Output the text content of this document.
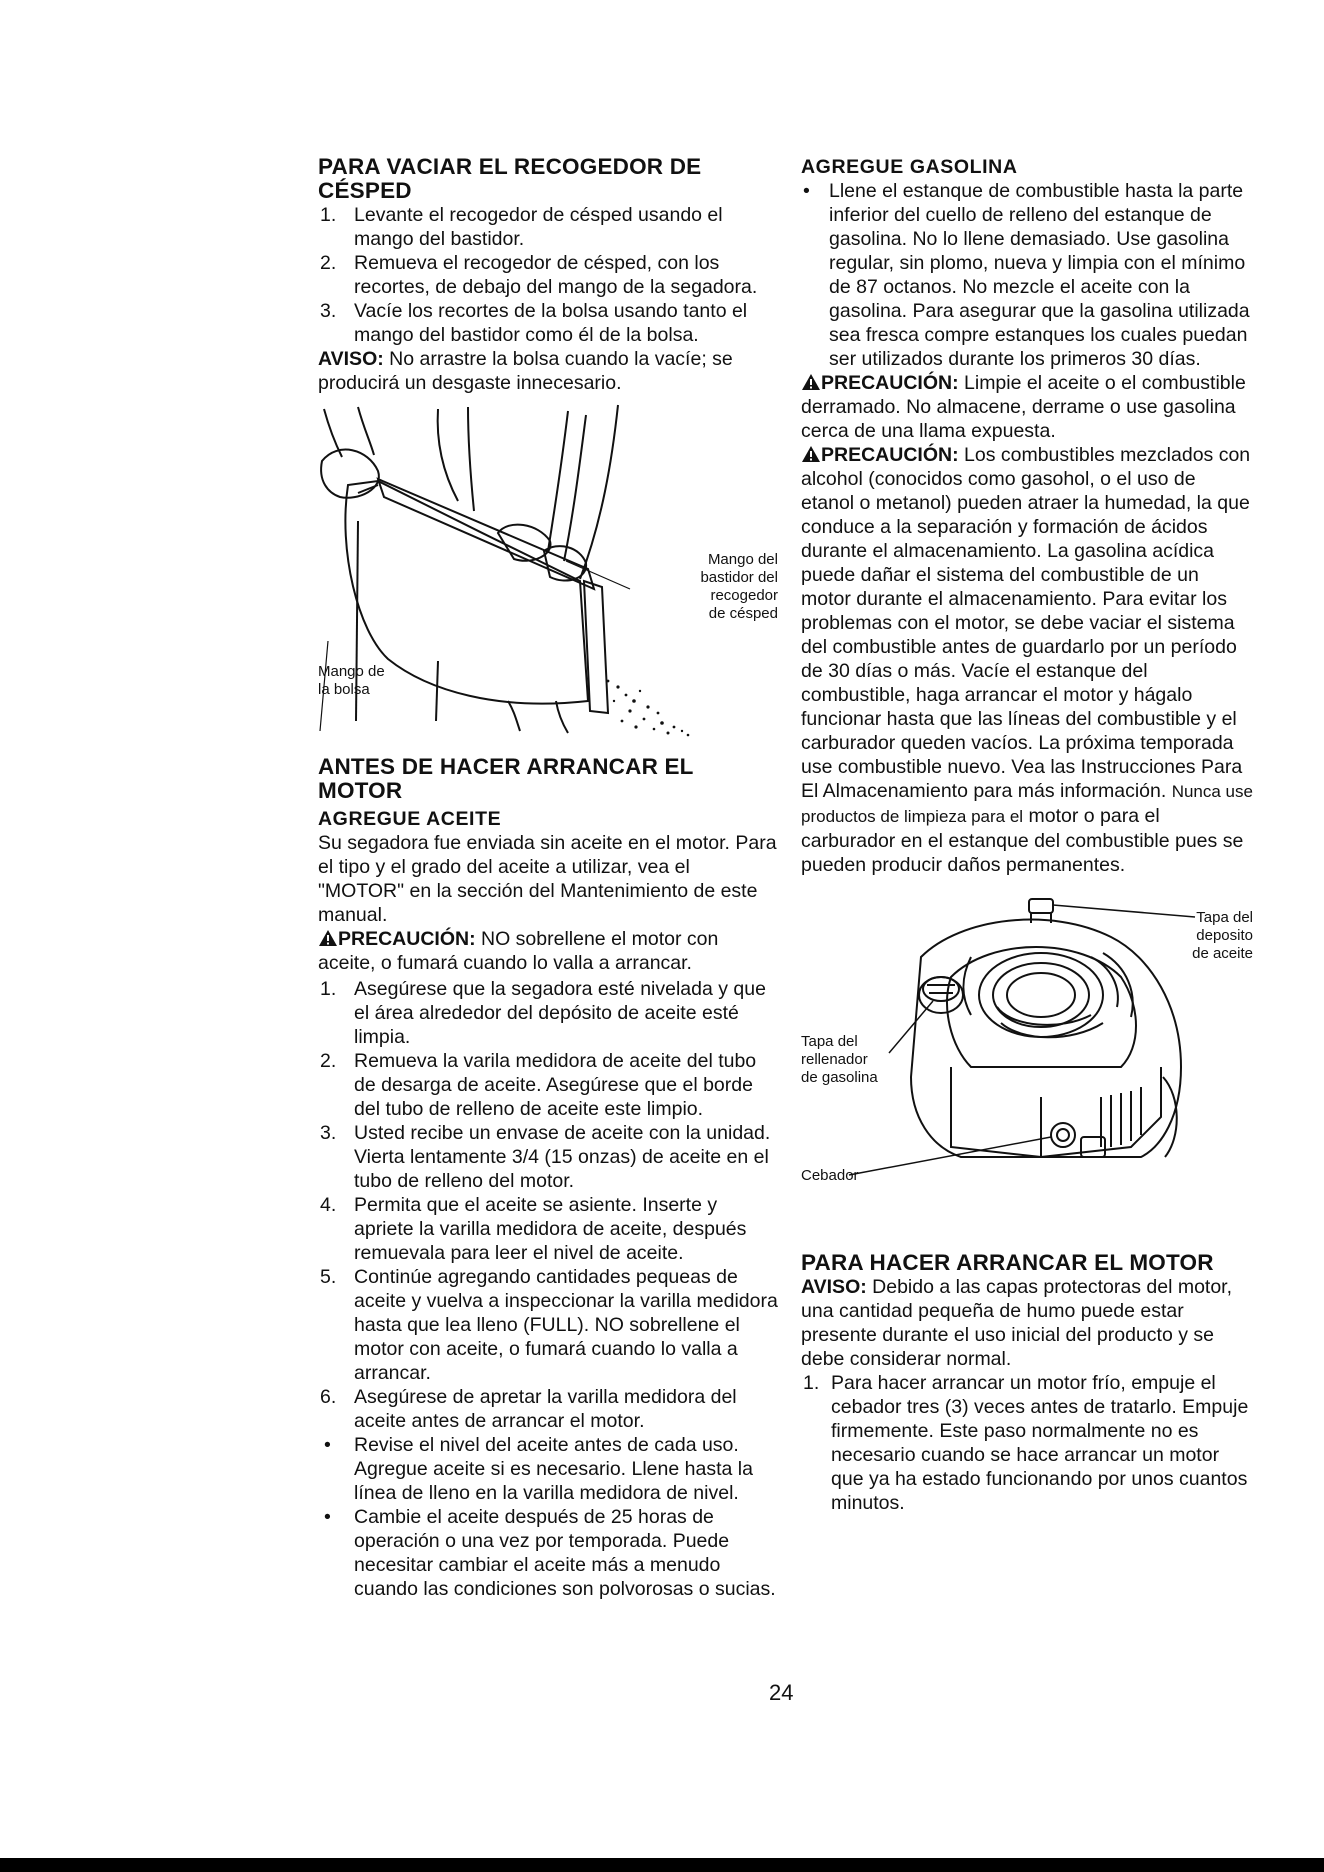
PARA VACIAR EL RECOGEDOR DE CÉSPED
1. Levante el recogedor de césped usando el mango del bastidor.
2. Remueva el recogedor de césped, con los recortes, de debajo del mango de la segadora.
3. Vacíe los recortes de la bolsa usando tanto el mango del bastidor como él de la bolsa.

AVISO: No arrastre la bolsa cuando la vacíe; se producirá un desgaste innecesario.

Mango del
bastidor del
recogedor
de césped
Mango de
la bolsa
ANTES DE HACER ARRANCAR EL MOTOR
AGREGUE ACEITE

Su segadora fue enviada sin aceite en el motor. Para el tipo y el grado del aceite a utilizar, vea el "MOTOR" en la sección del Mantenimiento de este manual.

PRECAUCIÓN: NO sobrellene el motor con aceite, o fumará cuando lo valla a arrancar.

1. Asegúrese que la segadora esté nivelada y que el área alrededor del depósito de aceite esté limpia.
2. Remueva la varila medidora de aceite del tubo de desarga de aceite. Asegúrese que el borde del tubo de relleno de aceite este limpio.
3. Usted recibe un envase de aceite con la unidad. Vierta lentamente 3/4 (15 onzas) de aceite en el tubo de relleno del motor.
4. Permita que el aceite se asiente. Inserte y apriete la varilla medidora de aceite, después remuevala para leer el nivel de aceite.
5. Continúe agregando cantidades pequeas de aceite y vuelva a inspeccionar la varilla medidora hasta que lea lleno (FULL). NO sobrellene el motor con aceite, o fumará cuando lo valla a arrancar.
6. Asegúrese de apretar la varilla medidora del aceite antes de arrancar el motor.
• Revise el nivel del aceite antes de cada uso. Agregue aceite si es necesario. Llene hasta la línea de lleno en la varilla medidora de nivel.
• Cambie el aceite después de 25 horas de operación o una vez por temporada. Puede necesitar cambiar el aceite más a menudo cuando las condiciones son polvorosas o sucias.
AGREGUE GASOLINA
• Llene el estanque de combustible hasta la parte inferior del cuello de relleno del estanque de gasolina. No lo llene demasiado. Use gasolina regular, sin plomo, nueva y limpia con el mínimo de 87 octanos. No mezcle el aceite con la gasolina. Para asegurar que la gasolina utilizada sea fresca compre estanques los cuales puedan ser utilizados durante los primeros 30 días.

PRECAUCIÓN: Limpie el aceite o el combustible derramado. No almacene, derrame o use gasolina cerca de una llama expuesta.

PRECAUCIÓN: Los combustibles mezclados con alcohol (conocidos como gasohol, o el uso de etanol o metanol) pueden atraer la humedad, la que conduce a la separación y formación de ácidos durante el almacenamiento. La gasolina acídica puede dañar el sistema del combustible de un motor durante el almacenamiento. Para evitar los problemas con el motor, se debe vaciar el sistema del combustible antes de guardarlo por un período de 30 días o más. Vacíe el estanque del combustible, haga arrancar el motor y hágalo funcionar hasta que las líneas del combustible y el carburador queden vacíos. La próxima temporada use combustible nuevo. Vea las Instrucciones Para El Almacenamiento para más información. Nunca use productos de limpieza para el motor o para el carburador en el estanque del combustible pues se pueden producir daños permanentes.

Tapa del
deposito
de aceite
Tapa del
rellenador
de gasolina
Cebador
PARA HACER ARRANCAR EL MOTOR

AVISO: Debido a las capas protectoras del motor, una cantidad pequeña de humo puede estar presente durante el uso inicial del producto y se debe considerar normal.

1. Para hacer arrancar un motor frío, empuje el cebador tres (3) veces antes de tratarlo. Empuje firmemente. Este paso normalmente no es necesario cuando se hace arrancar un motor que ya ha estado funcionando por unos cuantos minutos.
24
